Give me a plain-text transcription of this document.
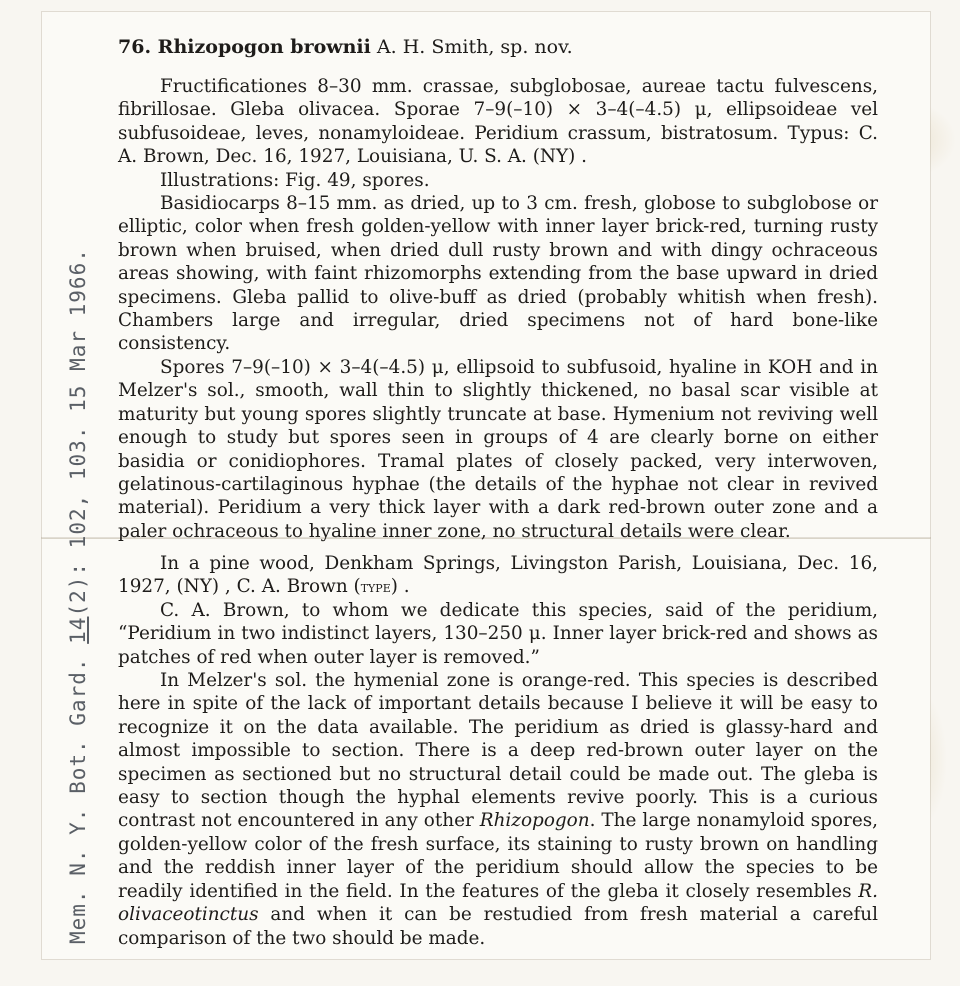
Mem. N. Y. Bot. Gard. 14(2): 102, 103. 15 Mar 1966.
76. Rhizopogon brownii A. H. Smith, sp. nov.

Fructificationes 8–30 mm. crassae, subglobosae, aureae tactu fulvescens, fibrillosae. Gleba olivacea. Sporae 7–9(–10) × 3–4(–4.5) μ, ellipsoideae vel subfusoideae, leves, nonamyloideae. Peridium crassum, bistratosum. Typus: C. A. Brown, Dec. 16, 1927, Louisiana, U. S. A. (NY) .

Illustrations: Fig. 49, spores.

Basidiocarps 8–15 mm. as dried, up to 3 cm. fresh, globose to subglobose or elliptic, color when fresh golden-yellow with inner layer brick-red, turning rusty brown when bruised, when dried dull rusty brown and with dingy ochraceous areas showing, with faint rhizomorphs extending from the base upward in dried specimens. Gleba pallid to olive-buff as dried (probably whitish when fresh). Chambers large and irregular, dried specimens not of hard bone-like consistency.

Spores 7–9(–10) × 3–4(–4.5) μ, ellipsoid to subfusoid, hyaline in KOH and in Melzer's sol., smooth, wall thin to slightly thickened, no basal scar visible at maturity but young spores slightly truncate at base. Hymenium not reviving well enough to study but spores seen in groups of 4 are clearly borne on either basidia or conidiophores. Tramal plates of closely packed, very interwoven, gelatinous-cartilaginous hyphae (the details of the hyphae not clear in revived material). Peridium a very thick layer with a dark red-brown outer zone and a paler ochraceous to hyaline inner zone, no structural details were clear.

In a pine wood, Denkham Springs, Livingston Parish, Louisiana, Dec. 16, 1927, (NY) , C. A. Brown (type) .

C. A. Brown, to whom we dedicate this species, said of the peridium, “Peridium in two indistinct layers, 130–250 μ. Inner layer brick-red and shows as patches of red when outer layer is removed.”

In Melzer's sol. the hymenial zone is orange-red. This species is described here in spite of the lack of important details because I believe it will be easy to recognize it on the data available. The peridium as dried is glassy-hard and almost impossible to section. There is a deep red-brown outer layer on the specimen as sectioned but no structural detail could be made out. The gleba is easy to section though the hyphal elements revive poorly. This is a curious contrast not encountered in any other Rhizopogon. The large nonamyloid spores, golden-yellow color of the fresh surface, its staining to rusty brown on handling and the reddish inner layer of the peridium should allow the species to be readily identified in the field. In the features of the gleba it closely resembles R. olivaceotinctus and when it can be restudied from fresh material a careful comparison of the two should be made.
